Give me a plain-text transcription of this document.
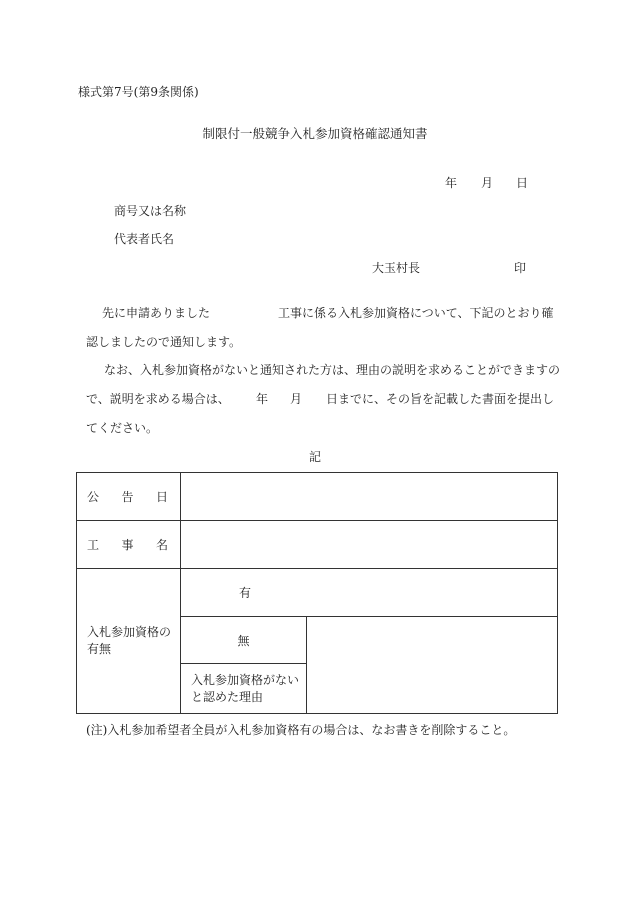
様式第7号(第9条関係)
制限付一般競争入札参加資格確認通知書
年 月 日
商号又は名称
代表者氏名
大玉村長	印
先に申請ありました	工事に係る入札参加資格について、下記のとおり確
認しましたので通知します。
なお、入札参加資格がないと通知された方は、理由の説明を求めることができますの
で、説明を求める場合は、 年 月 日までに、その旨を記載した書面を提出し
てください。
記
公 告 日		

工 事 名		

入札参加資格の有無	有	
	無	
	入札参加資格がないと認めた理由	
(注)入札参加希望者全員が入札参加資格有の場合は、なお書きを削除すること。
